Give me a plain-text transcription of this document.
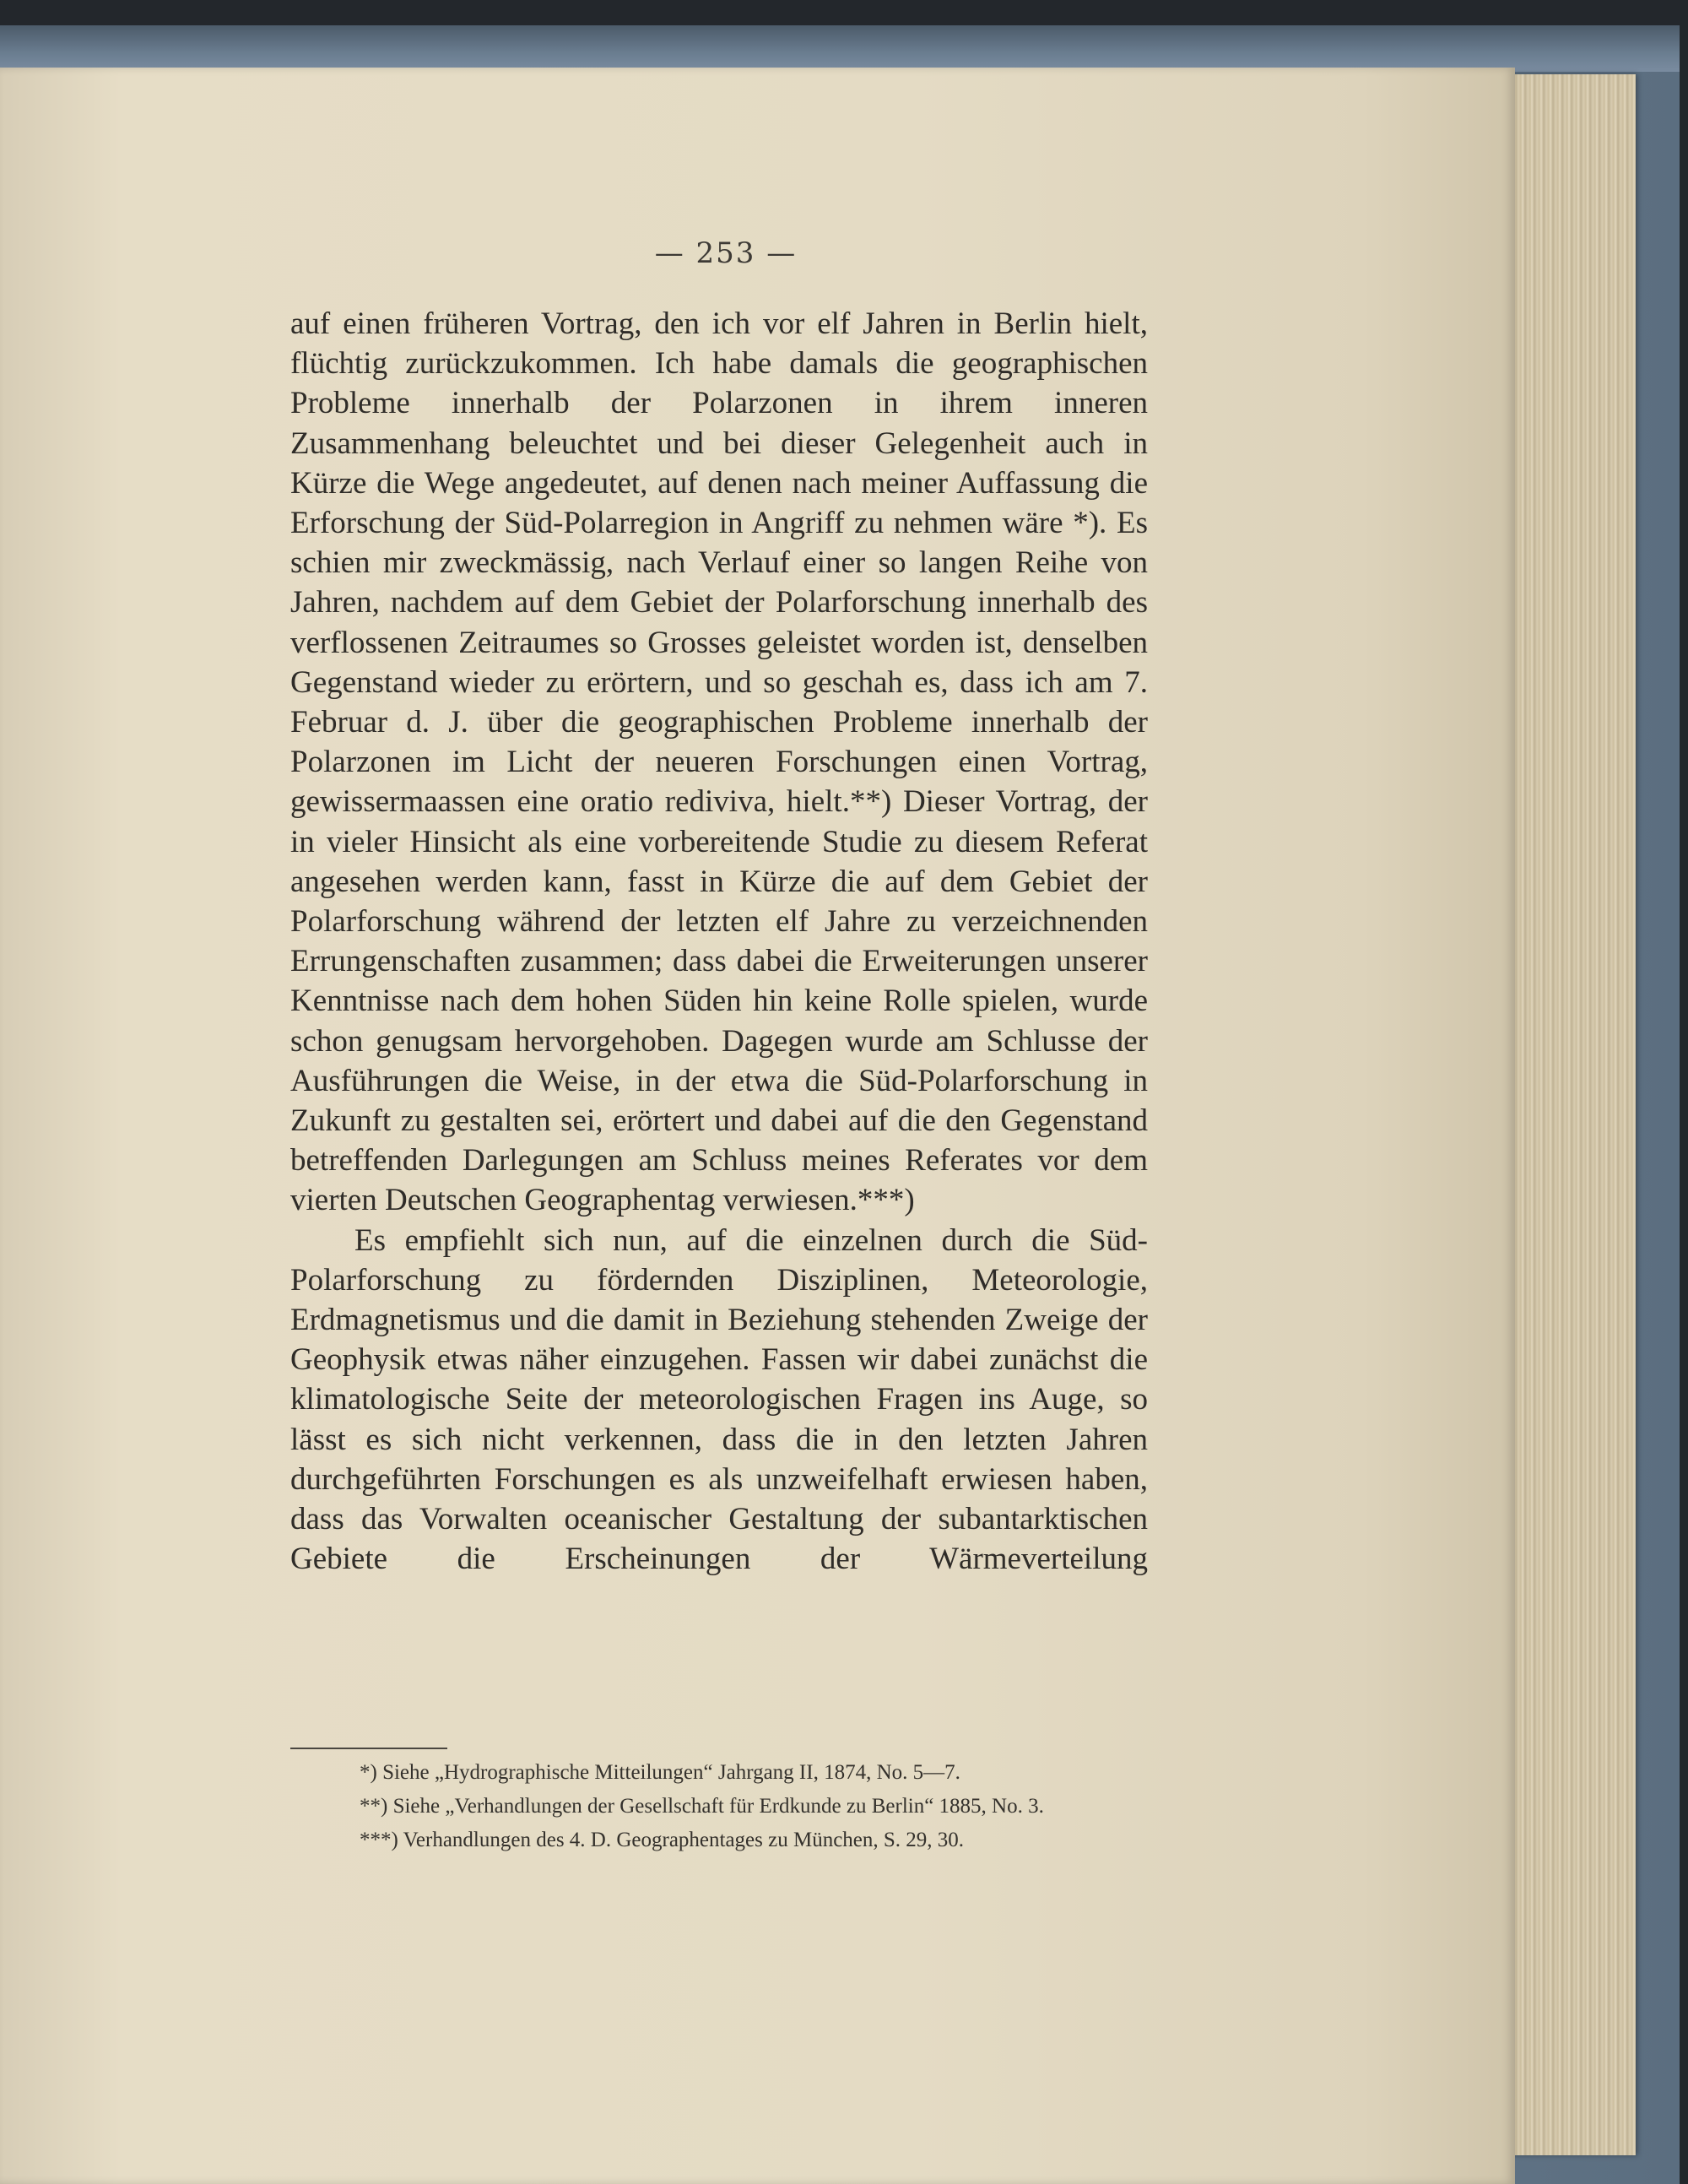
— 253 —

auf einen früheren Vortrag, den ich vor elf Jahren in Berlin hielt, flüchtig zurückzukommen. Ich habe damals die geographischen Probleme innerhalb der Polarzonen in ihrem inneren Zusammenhang beleuchtet und bei dieser Gelegenheit auch in Kürze die Wege angedeutet, auf denen nach meiner Auffassung die Erforschung der Süd-Polarregion in Angriff zu nehmen wäre *). Es schien mir zweckmässig, nach Verlauf einer so langen Reihe von Jahren, nachdem auf dem Gebiet der Polarforschung innerhalb des verflossenen Zeitraumes so Grosses geleistet worden ist, denselben Gegenstand wieder zu erörtern, und so geschah es, dass ich am 7. Februar d. J. über die geographischen Probleme innerhalb der Polarzonen im Licht der neueren Forschungen einen Vortrag, gewissermaassen eine oratio rediviva, hielt.**) Dieser Vortrag, der in vieler Hinsicht als eine vorbereitende Studie zu diesem Referat angesehen werden kann, fasst in Kürze die auf dem Gebiet der Polarforschung während der letzten elf Jahre zu verzeichnenden Errungenschaften zusammen; dass dabei die Erweiterungen unserer Kenntnisse nach dem hohen Süden hin keine Rolle spielen, wurde schon genugsam hervorgehoben. Dagegen wurde am Schlusse der Ausführungen die Weise, in der etwa die Süd-Polarforschung in Zukunft zu gestalten sei, erörtert und dabei auf die den Gegenstand betreffenden Darlegungen am Schluss meines Referates vor dem vierten Deutschen Geographentag verwiesen.***)

Es empfiehlt sich nun, auf die einzelnen durch die Süd-Polarforschung zu fördernden Disziplinen, Meteorologie, Erdmagnetismus und die damit in Beziehung stehenden Zweige der Geophysik etwas näher einzugehen. Fassen wir dabei zunächst die klimatologische Seite der meteorologischen Fragen ins Auge, so lässt es sich nicht verkennen, dass die in den letzten Jahren durchgeführten Forschungen es als unzweifelhaft erwiesen haben, dass das Vorwalten oceanischer Gestaltung der subantarktischen Gebiete die Erscheinungen der Wärmeverteilung

*) Siehe „Hydrographische Mitteilungen“ Jahrgang II, 1874, No. 5—7.

**) Siehe „Verhandlungen der Gesellschaft für Erdkunde zu Berlin“ 1885, No. 3.

***) Verhandlungen des 4. D. Geographentages zu München, S. 29, 30.
